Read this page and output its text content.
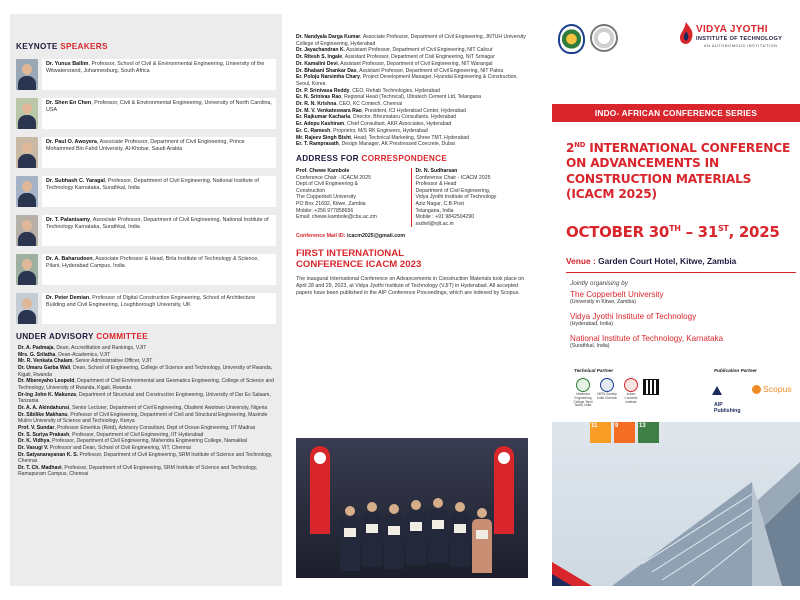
KEYNOTE SPEAKERS
Dr. Yunus Ballim, Professor, School of Civil & Environmental Engineering, University of the Witwatersrand, Johannesburg, South Africa
Dr. Shen En Chen, Professor, Civil & Environmental Engineering, University of North Carolina, USA
Dr. Paul O. Awoyera, Associate Professor, Department of Civil Engineering, Prince Mohammed Bin Fahd University, Al-Khobar, Saudi Arabia
Dr. Subhash C. Yaragal, Professor, Department of Civil Engineering, National Institute of Technology Karnataka, Surathkal, India
Dr. T. Palanisamy, Associate Professor, Department of Civil Engineering, National Institute of Technology Karnataka, Surathkal, India
Dr. A. Baharudeen, Associate Professor & Head, Birla Institute of Technology & Science, Pilani, Hyderabad Campus, India
Dr. Peter Demian, Professor of Digital Construction Engineering, School of Architecture Building and Civil Engineering, Loughborough University, UK
UNDER ADVISORY COMMITTEE

Dr. A. Padmaja, Dean, Accreditation and Rankings, VJIT

Mrs. G. Srilatha, Dean-Academics, VJIT

Mr. R. Venkata Chalam, Senior Administrative Officer, VJIT

Dr. Umaru Garba Wali, Dean, School of Engineering, College of Science and Technology, University of Rwanda, Kigali, Rwanda

Dr. Mbereyaho Leopold, Department of Civil Environmental and Geomatics Engineering, College of Science and Technology, University of Rwanda, Kigali, Rwanda

Dr-Ing John K. Makunza, Department of Structural and Construction Engineering, University of Dar Es Salaam, Tanzania

Dr. A. A. Akindahunsi, Senior Lecturer, Department of Civil Engineering, Obafemi Awolowo University, Nigeria

Dr. Sibilike Makhanu, Professor of Civil Engineering, Department of Civil and Structural Engineering, Masinde Muliro University of Science and Technology, Kenya

Prof. V. Sundar, Professor Emeritus (Retd), Advisory Consultant, Dept of Ocean Engineering, IIT Madras

Dr. S. Suriya Prakash, Professor, Department of Civil Engineering, IIT Hyderabad

Dr. K. Vidhya, Professor, Department of Civil Engineering, Mahendra Engineering College, Namakkal

Dr. Vasugi V. Professor and Dean, School of Civil Engineering, VIT, Chennai

Dr. Satyanarayanan K. S. Professor, Department of Civil Engineering, SRM Institute of Science and Technology, Chennai

Dr. T. Ch. Madhavi, Professor, Department of Civil Engineering, SRM Institute of Science and Technology, Ramapuram Campus, Chennai

Dr. Nandyala Darga Kumar, Associate Professor, Department of Civil Engineering, JNTUH University College of Engineering, Hyderabad

Dr. Jayachandran K. Assistant Professor, Department of Civil Engineering, NIT Calicut

Dr. Ritesh S. Ingale, Assistant Professor, Department of Civil Engineering, NIT Srinagar

Dr. Kamalini Devi, Assistant Professor, Department of Civil Engineering, NIT Warangal

Dr. Bhabani Shankar Das, Assistant Professor, Department of Civil Engineering, NIT Patna

Er. Poloju Narsimha Chary, Project Development Manager, Hyundai Engineering & Construction, Seoul, Korea

Dr. P. Srinivasa Reddy, CEO, Rehab Technologies, Hyderabad

Er. N. Srinivas Rao, Regional Head (Technical), Ultratech Cement Ltd, Telangana

Dr. R. N. Krishna, CEO, KC Contech, Chennai

Dr. M. V. Venkateswara Rao, President, ICI Hyderabad Center, Hyderabad

Er. Rajkumar Kacharla, Director, Bhrumataru Consultants, Hyderabad

Er. Adepu Kashiram, Chief Consultant, AKR Associates, Hyderabad

Er. C. Ramesh, Proprietor, M/S RK Engineers, Hyderabad

Mr. Rajeev Singh Bisht, Head, Technical Marketing, Shree TMT, Hyderabad

Er. T. Ramprasath, Design Manager, AK Prestressed Concrete, Dubai

ADDRESS FOR CORRESPONDENCE
Prof. Chewe Kambole
Conference Chair - ICACM 2025
Dept.of Civil Engineering &
Construction
The Copperbelt University
PO Box 21692, Kitwe, Zambia
Mobile: +256 977858656
Email: chewe.kambole@cbu.ac.zm
Dr. N. Sudharsan
Conference Chair - ICACM 2025
Professor & Head
Department of Civil Engineering,
Vidya Jyothi Institute of Technology
Aziz Nagar, C.B.Post
Telangana, India
Mobile : +91 9842504290
ssdivil@vjit.ac.in
Conference Mail ID: icacm2025@gmail.com
FIRST INTERNATIONAL CONFERENCE ICACM 2023
The inaugural International Conference on Advancements in Construction Materials took place on April 28 and 29, 2023, at Vidya Jyothi Institute of Technology (VJIT) in Hyderabad. All accepted papers have been published in the AIP Conference Proceedings, which are indexed by Scopus.
VIDYA JYOTHI
INSTITUTE OF TECHNOLOGY
AN AUTONOMOUS INSTITUTION
INDO- AFRICAN CONFERENCE SERIES
2ND INTERNATIONAL CONFERENCE ON ADVANCEMENTS IN CONSTRUCTION MATERIALS (ICACM 2025)
OCTOBER 30TH – 31ST, 2025
Venue : Garden Court Hotel, Kitwe, Zambia
Jointly organising by
The Copperbelt University
(University in Kitwe, Zambia)
Vidya Jyothi Institute of Technology
(Hyderabad, India)
National Institute of Technology, Karnataka
(Surathkal, India)
Technical Partner	Publication Partner
Mahindra Engineering College Tamil Nadu, India
NIFSI Society India Chennai
Indian Concrete Institute
AIP Publishing
Scopus
11	9	13
